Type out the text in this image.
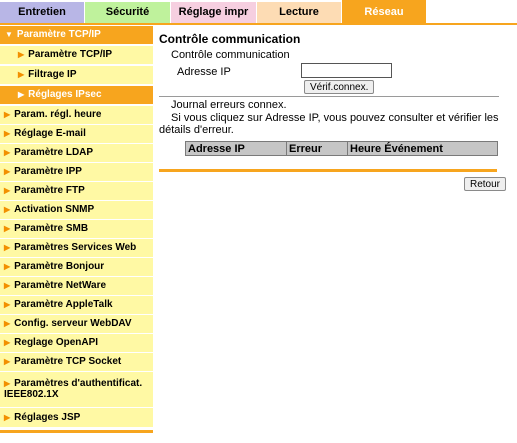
Entretien	Sécurité	Réglage impr	Lecture	Réseau
▼ Paramètre TCP/IP
▶ Paramètre TCP/IP
▶ Filtrage IP
▶ Réglages IPsec
▶ Param. régl. heure
▶ Réglage E-mail
▶ Paramètre LDAP
▶ Paramètre IPP
▶ Paramètre FTP
▶ Activation SNMP
▶ Paramètre SMB
▶ Paramètres Services Web
▶ Paramètre Bonjour
▶ Paramètre NetWare
▶ Paramètre AppleTalk
▶ Config. serveur WebDAV
▶ Reglage OpenAPI
▶ Paramètre TCP Socket
▶ Paramètres d'authentificat. IEEE802.1X
▶ Réglages JSP
Contrôle communication
Contrôle communication
Adresse IP
Vérif.connex.
Journal erreurs connex.
Si vous cliquez sur Adresse IP, vous pouvez consulter et vérifier les détails d'erreur.
Adresse IP	Erreur	Heure Événement
Retour
